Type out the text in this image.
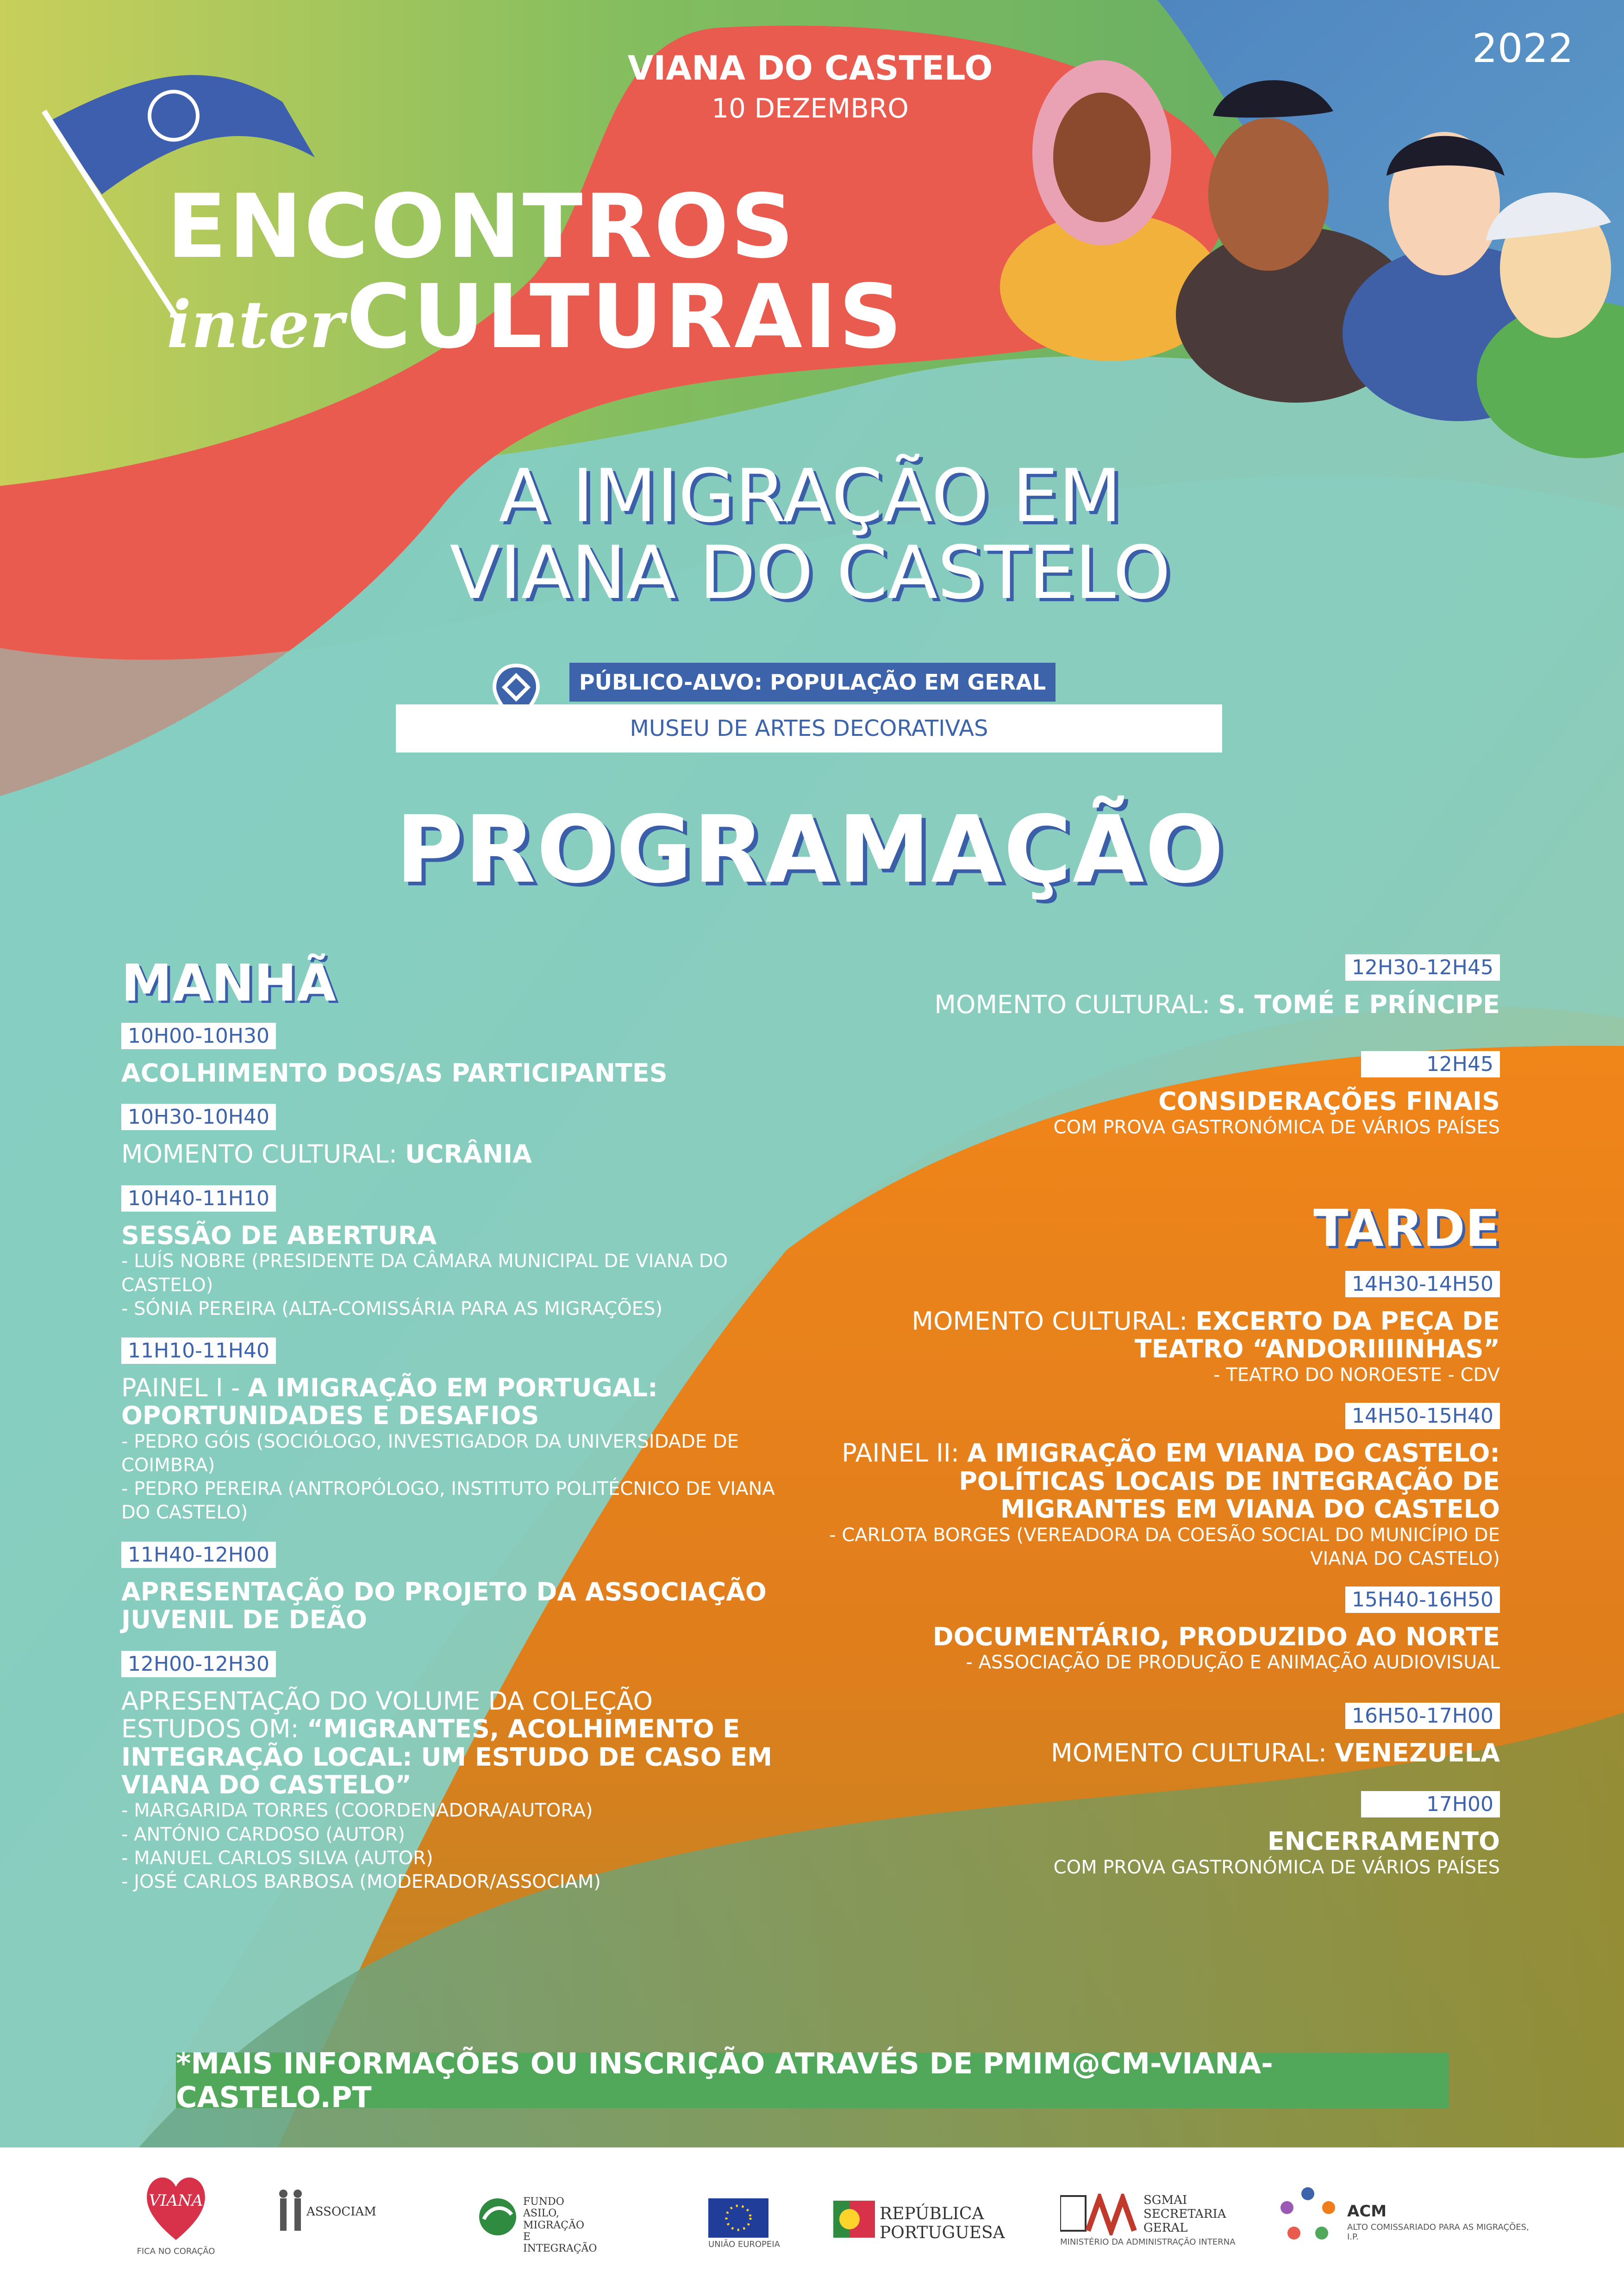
2022
VIANA DO CASTELO
10 DEZEMBRO
ENCONTROS
interCULTURAIS
A IMIGRAÇÃO EM
VIANA DO CASTELO
PÚBLICO-ALVO: POPULAÇÃO EM GERAL
MUSEU DE ARTES DECORATIVAS
PROGRAMAÇÃO
MANHÃ
10H00-10H30
ACOLHIMENTO DOS/AS PARTICIPANTES
10H30-10H40
MOMENTO CULTURAL: UCRÂNIA
10H40-11H10
SESSÃO DE ABERTURA
- LUÍS NOBRE (PRESIDENTE DA CÂMARA MUNICIPAL DE VIANA DO CASTELO)
- SÓNIA PEREIRA (ALTA-COMISSÁRIA PARA AS MIGRAÇÕES)
11H10-11H40
PAINEL I - A IMIGRAÇÃO EM PORTUGAL: OPORTUNIDADES E DESAFIOS
- PEDRO GÓIS (SOCIÓLOGO, INVESTIGADOR DA UNIVERSIDADE DE COIMBRA)
- PEDRO PEREIRA (ANTROPÓLOGO, INSTITUTO POLITÉCNICO DE VIANA DO CASTELO)
11H40-12H00
APRESENTAÇÃO DO PROJETO DA ASSOCIAÇÃO JUVENIL DE DEÃO
12H00-12H30
APRESENTAÇÃO DO VOLUME DA COLEÇÃO ESTUDOS OM: “MIGRANTES, ACOLHIMENTO E INTEGRAÇÃO LOCAL: UM ESTUDO DE CASO EM VIANA DO CASTELO”
- MARGARIDA TORRES (COORDENADORA/AUTORA)
- ANTÓNIO CARDOSO (AUTOR)
- MANUEL CARLOS SILVA (AUTOR)
- JOSÉ CARLOS BARBOSA (MODERADOR/ASSOCIAM)
12H30-12H45
MOMENTO CULTURAL: S. TOMÉ E PRÍNCIPE
12H45
CONSIDERAÇÕES FINAIS
COM PROVA GASTRONÓMICA DE VÁRIOS PAÍSES
TARDE
14H30-14H50
MOMENTO CULTURAL: EXCERTO DA PEÇA DE TEATRO “ANDORIIIINHAS”
- TEATRO DO NOROESTE - CDV
14H50-15H40
PAINEL II: A IMIGRAÇÃO EM VIANA DO CASTELO: POLÍTICAS LOCAIS DE INTEGRAÇÃO DE MIGRANTES EM VIANA DO CASTELO
- CARLOTA BORGES (VEREADORA DA COESÃO SOCIAL DO MUNICÍPIO DE VIANA DO CASTELO)
15H40-16H50
DOCUMENTÁRIO, PRODUZIDO AO NORTE
- ASSOCIAÇÃO DE PRODUÇÃO E ANIMAÇÃO AUDIOVISUAL
16H50-17H00
MOMENTO CULTURAL: VENEZUELA
17H00
ENCERRAMENTO
COM PROVA GASTRONÓMICA DE VÁRIOS PAÍSES
*MAIS INFORMAÇÕES OU INSCRIÇÃO ATRAVÉS DE PMIM@CM-VIANA-CASTELO.PT
VIANA
FICA NO CORAÇÃO
ASSOCIAM
FUNDO
ASILO, MIGRAÇÃO
E INTEGRAÇÃO	UNIÃO EUROPEIA
REPÚBLICA
PORTUGUESA
SGMAI
SECRETARIA
GERAL
MINISTÉRIO DA ADMINISTRAÇÃO INTERNA
ACM
ALTO COMISSARIADO PARA AS MIGRAÇÕES, I.P.
